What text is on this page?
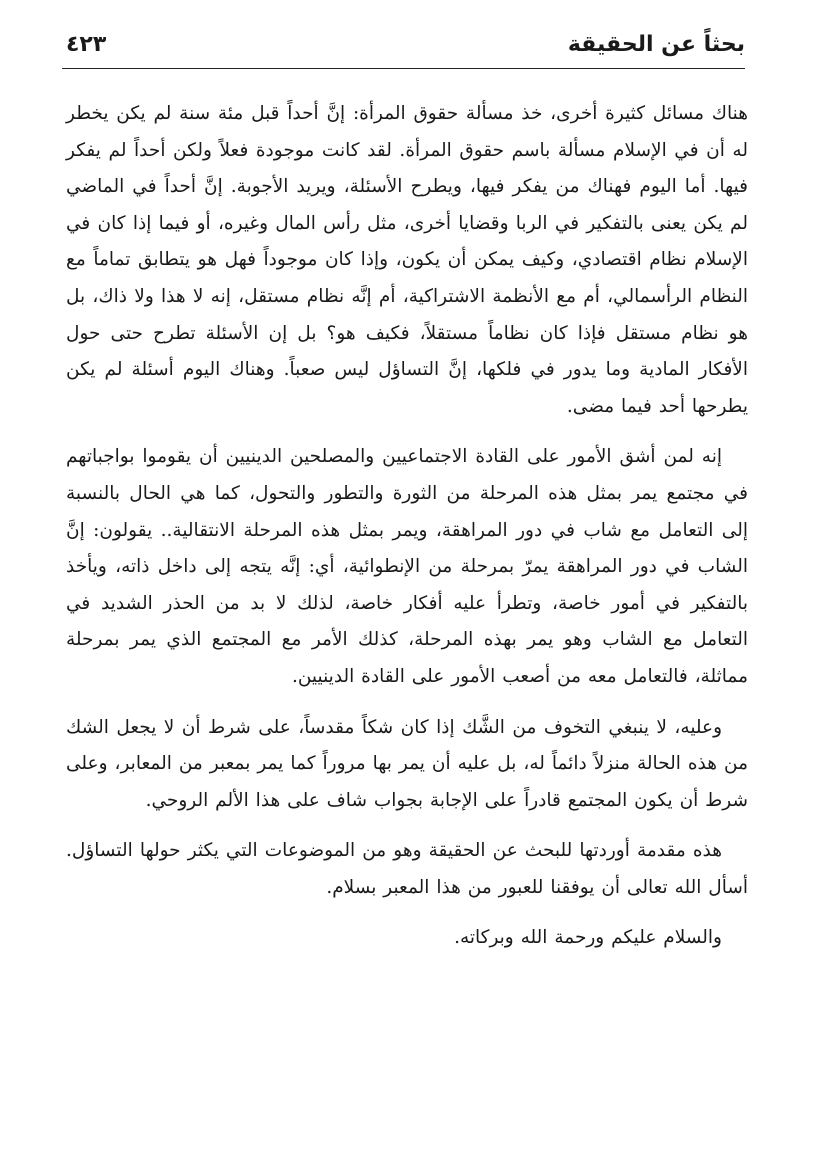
بحثاً عن الحقيقة
٤٢٣

هناك مسائل كثيرة أخرى، خذ مسألة حقوق المرأة: إنَّ أحداً قبل مئة سنة لم يكن يخطر له أن في الإسلام مسألة باسم حقوق المرأة. لقد كانت موجودة فعلاً ولكن أحداً لم يفكر فيها. أما اليوم فهناك من يفكر فيها، ويطرح الأسئلة، ويريد الأجوبة. إنَّ أحداً في الماضي لم يكن يعنى بالتفكير في الربا وقضايا أخرى، مثل رأس المال وغيره، أو فيما إذا كان في الإسلام نظام اقتصادي، وكيف يمكن أن يكون، وإذا كان موجوداً فهل هو يتطابق تماماً مع النظام الرأسمالي، أم مع الأنظمة الاشتراكية، أم إنَّه نظام مستقل، إنه لا هذا ولا ذاك، بل هو نظام مستقل فإذا كان نظاماً مستقلاً، فكيف هو؟ بل إن الأسئلة تطرح حتى حول الأفكار المادية وما يدور في فلكها، إنَّ التساؤل ليس صعباً. وهناك اليوم أسئلة لم يكن يطرحها أحد فيما مضى.

إنه لمن أشق الأمور على القادة الاجتماعيين والمصلحين الدينيين أن يقوموا بواجباتهم في مجتمع يمر بمثل هذه المرحلة من الثورة والتطور والتحول، كما هي الحال بالنسبة إلى التعامل مع شاب في دور المراهقة، ويمر بمثل هذه المرحلة الانتقالية.. يقولون: إنَّ الشاب في دور المراهقة يمرّ بمرحلة من الإنطوائية، أي: إنَّه يتجه إلى داخل ذاته، ويأخذ بالتفكير في أمور خاصة، وتطرأ عليه أفكار خاصة، لذلك لا بد من الحذر الشديد في التعامل مع الشاب وهو يمر بهذه المرحلة، كذلك الأمر مع المجتمع الذي يمر بمرحلة مماثلة، فالتعامل معه من أصعب الأمور على القادة الدينيين.

وعليه، لا ينبغي التخوف من الشَّك إذا كان شكاً مقدساً، على شرط أن لا يجعل الشك من هذه الحالة منزلاً دائماً له، بل عليه أن يمر بها مروراً كما يمر بمعبر من المعابر، وعلى شرط أن يكون المجتمع قادراً على الإجابة بجواب شاف على هذا الألم الروحي.

هذه مقدمة أوردتها للبحث عن الحقيقة وهو من الموضوعات التي يكثر حولها التساؤل. أسأل الله تعالى أن يوفقنا للعبور من هذا المعبر بسلام.

والسلام عليكم ورحمة الله وبركاته.
